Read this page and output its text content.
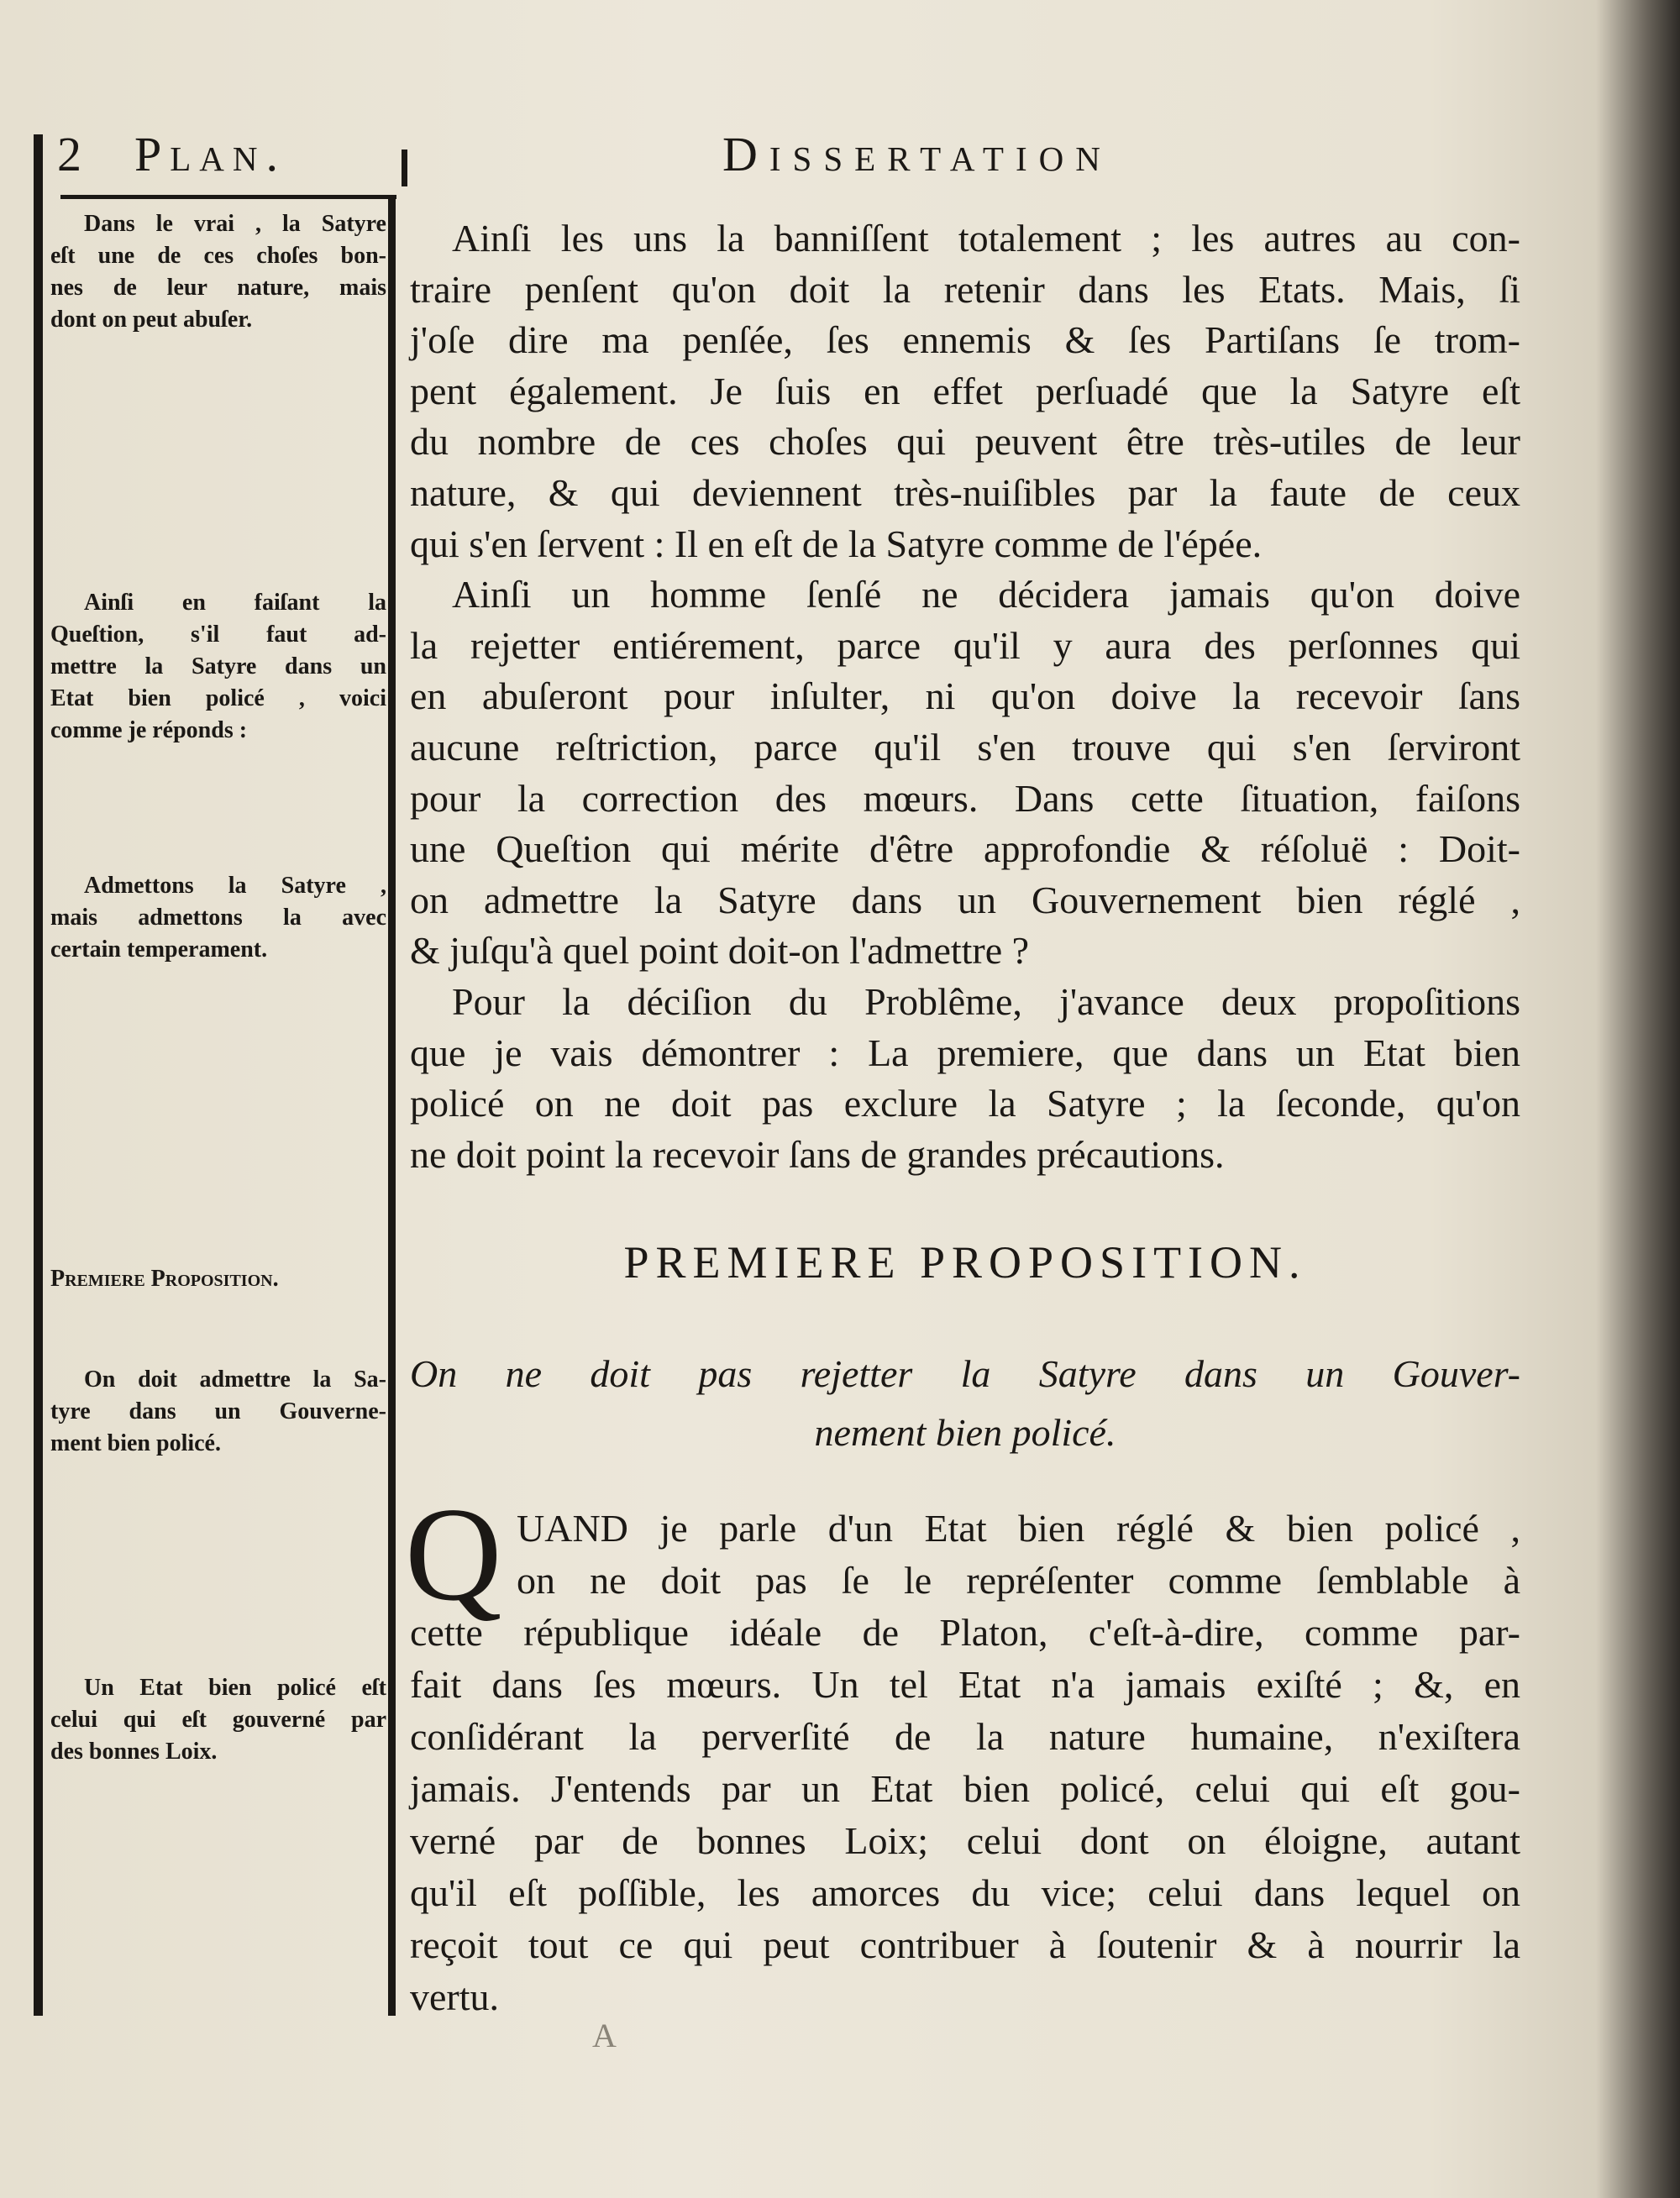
2 Plan.	Dissertation
Dans le vrai , la Satyre
eſt une de ces choſes bon-
nes de leur nature, mais
dont on peut abuſer.
Ainſi en faiſant la
Queſtion, s'il faut ad-
mettre la Satyre dans un
Etat bien policé , voici
comme je réponds :
Admettons la Satyre ,
mais admettons la avec
certain temperament.
Premiere Proposition.
On doit admettre la Sa-
tyre dans un Gouverne-
ment bien policé.
Un Etat bien policé eſt
celui qui eſt gouverné par
des bonnes Loix.
Ainſi les uns la banniſſent totalement ; les autres au con-
traire penſent qu'on doit la retenir dans les Etats. Mais, ſi
j'oſe dire ma penſée, ſes ennemis & ſes Partiſans ſe trom-
pent également. Je ſuis en effet perſuadé que la Satyre eſt
du nombre de ces choſes qui peuvent être très-utiles de leur
nature, & qui deviennent très-nuiſibles par la faute de ceux
qui s'en ſervent : Il en eſt de la Satyre comme de l'épée.
Ainſi un homme ſenſé ne décidera jamais qu'on doive
la rejetter entiérement, parce qu'il y aura des perſonnes qui
en abuſeront pour inſulter, ni qu'on doive la recevoir ſans
aucune reſtriction, parce qu'il s'en trouve qui s'en ſerviront
pour la correction des mœurs. Dans cette ſituation, faiſons
une Queſtion qui mérite d'être approfondie & réſoluë : Doit-
on admettre la Satyre dans un Gouvernement bien réglé ,
& juſqu'à quel point doit-on l'admettre ?
Pour la déciſion du Problême, j'avance deux propoſitions
que je vais démontrer : La premiere, que dans un Etat bien
policé on ne doit pas exclure la Satyre ; la ſeconde, qu'on
ne doit point la recevoir ſans de grandes précautions.
UAND je parle d'un Etat bien réglé & bien policé ,
on ne doit pas ſe le repréſenter comme ſemblable à
cette république idéale de Platon, c'eſt-à-dire, comme par-
fait dans ſes mœurs. Un tel Etat n'a jamais exiſté ; &, en
conſidérant la perverſité de la nature humaine, n'exiſtera
jamais. J'entends par un Etat bien policé, celui qui eſt gou-
verné par de bonnes Loix; celui dont on éloigne, autant
qu'il eſt poſſible, les amorces du vice; celui dans lequel on
reçoit tout ce qui peut contribuer à ſoutenir & à nourrir la
vertu.
PREMIERE PROPOSITION.
On ne doit pas rejetter la Satyre dans un Gouver-
nement bien policé.
Q
A
